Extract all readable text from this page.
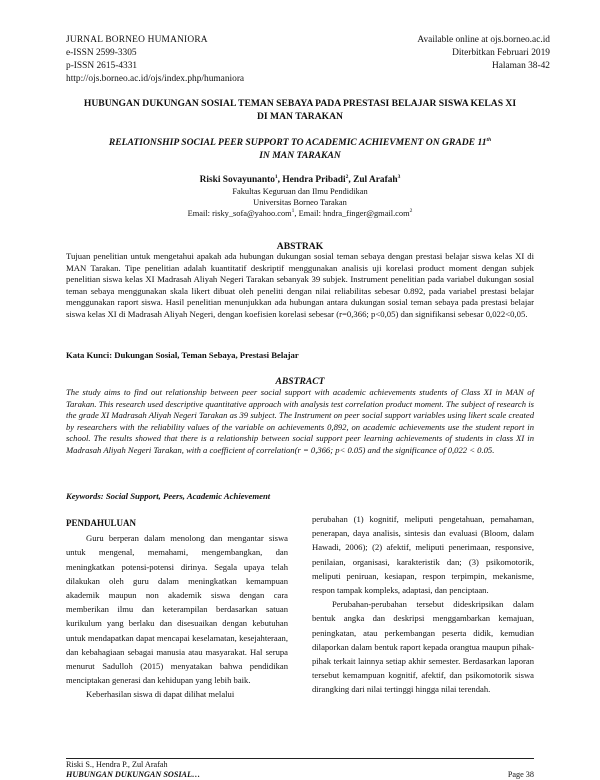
JURNAL BORNEO HUMANIORA
e-ISSN 2599-3305
p-ISSN 2615-4331
http://ojs.borneo.ac.id/ojs/index.php/humaniora
Available online at ojs.borneo.ac.id
Diterbitkan Februari 2019
Halaman 38-42
HUBUNGAN DUKUNGAN SOSIAL TEMAN SEBAYA PADA PRESTASI BELAJAR SISWA KELAS XI
DI MAN TARAKAN
RELATIONSHIP SOCIAL PEER SUPPORT TO ACADEMIC ACHIEVMENT ON GRADE 11th
IN MAN TARAKAN
Riski Sovayunanto$^1$, Hendra Pribadi$^2$, Zul Arafah$^3$
Fakultas Keguruan dan Ilmu Pendidikan
Universitas Borneo Tarakan
Email: risky_sofa@yahoo.com$^1$, Email: hndra_finger@gmail.com$^2$
ABSTRAK
Tujuan penelitian untuk mengetahui apakah ada hubungan dukungan sosial teman sebaya dengan prestasi belajar siswa kelas XI di MAN Tarakan. Tipe penelitian adalah kuantitatif deskriptif menggunakan analisis uji korelasi product moment dengan subjek penelitian siswa kelas XI Madrasah Aliyah Negeri Tarakan sebanyak 39 subjek. Instrument penelitian pada variabel dukungan sosial teman sebaya menggunakan skala likert dibuat oleh peneliti dengan nilai reliabilitas sebesar 0.892, pada variabel prestasi belajar menggunakan raport siswa. Hasil penelitian menunjukkan ada hubungan antara dukungan sosial teman sebaya pada prestasi belajar siswa kelas XI di Madrasah Aliyah Negeri, dengan koefisien korelasi sebesar (r=0,366; p<0,05) dan signifikansi sebesar 0,022<0,05.
Kata Kunci: Dukungan Sosial, Teman Sebaya, Prestasi Belajar
ABSTRACT
The study aims to find out relationship between peer social support with academic achievements students of Class XI in MAN of Tarakan. This research used descriptive quantitative approach with analysis test correlation product moment. The subject of research is the grade XI Madrasah Aliyah Negeri Tarakan as 39 subject. The Instrument on peer social support variables using likert scale created by researchers with the reliability values of the variable on achievements 0,892, on academic achievements use the student report in school. The results showed that there is a relationship between social support peer learning achievements of students in class XI in Madrasah Aliyah Negeri Tarakan, with a coefficient of correlation(r = 0,366; p< 0.05) and the significance of 0,022 < 0.05.
Keywords: Social Support, Peers, Academic Achievement
PENDAHULUAN

Guru berperan dalam menolong dan mengantar siswa untuk mengenal, memahami, mengembangkan, dan meningkatkan potensi-potensi dirinya. Segala upaya telah dilakukan oleh guru dalam meningkatkan kemampuan akademik maupun non akademik siswa dengan cara memberikan ilmu dan keterampilan berdasarkan satuan kurikulum yang berlaku dan disesuaikan dengan kebutuhan untuk mendapatkan dapat mencapai keselamatan, kesejahteraan, dan kebahagiaan sebagai manusia atau masyarakat. Hal serupa menurut Sadulloh (2015) menyatakan bahwa pendidikan menciptakan generasi dan kehidupan yang lebih baik.

Keberhasilan siswa di dapat dilihat melalui

perubahan (1) kognitif, meliputi pengetahuan, pemahaman, penerapan, daya analisis, sintesis dan evaluasi (Bloom, dalam Hawadi, 2006); (2) afektif, meliputi penerimaan, responsive, penilaian, organisasi, karakteristik dan; (3) psikomotorik, meliputi peniruan, kesiapan, respon terpimpin, mekanisme, respon tampak kompleks, adaptasi, dan penciptaan.

Perubahan-perubahan tersebut dideskripsikan dalam bentuk angka dan deskripsi menggambarkan kemajuan, peningkatan, atau perkembangan peserta didik, kemudian dilaporkan dalam bentuk raport kepada orangtua maupun pihak-pihak terkait lainnya setiap akhir semester. Berdasarkan laporan tersebut kemampuan kognitif, afektif, dan psikomotorik siswa dirangking dari nilai tertinggi hingga nilai terendah.

Riski S., Hendra P., Zul Arafah
HUBUNGAN DUKUNGAN SOSIAL…	Page 38
